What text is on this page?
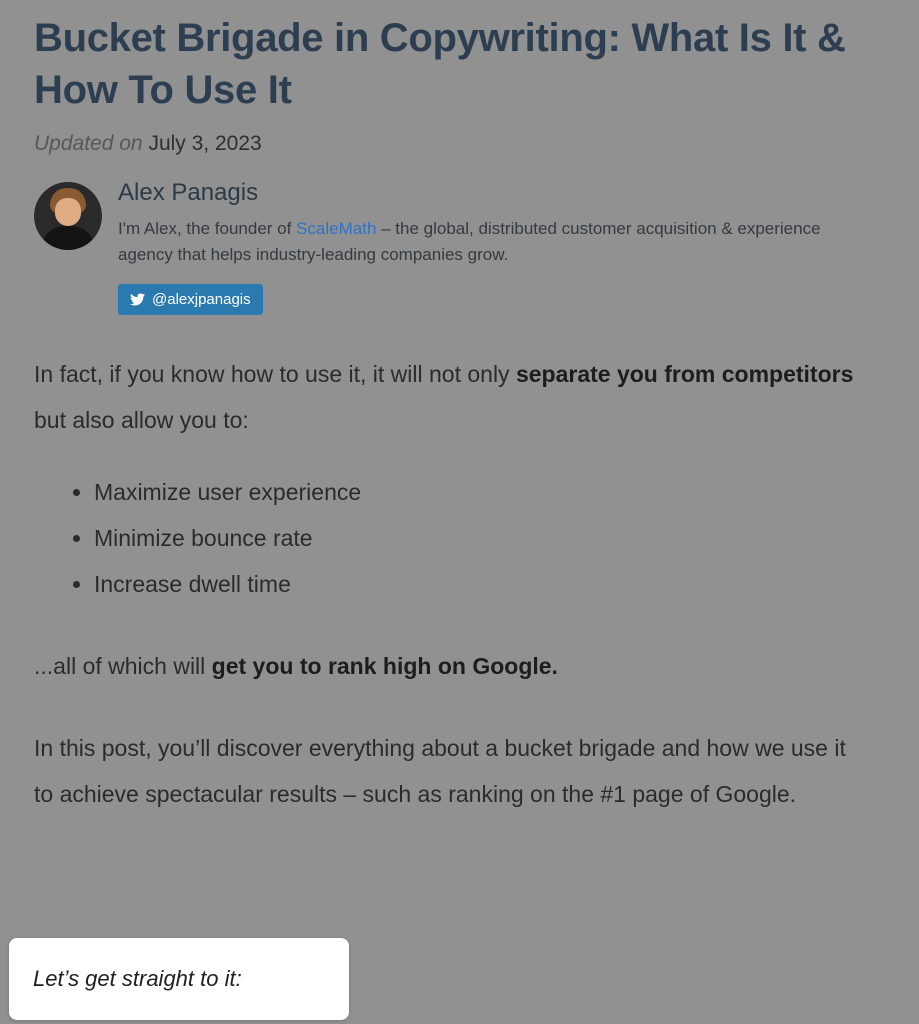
Bucket Brigade in Copywriting: What Is It & How To Use It
Updated on July 3, 2023

Alex Panagis

I'm Alex, the founder of ScaleMath – the global, distributed customer acquisition & experience agency that helps industry-leading companies grow.

@alexjpanagis

In fact, if you know how to use it, it will not only separate you from competitors but also allow you to:

• Maximize user experience
• Minimize bounce rate
• Increase dwell time

...all of which will get you to rank high on Google.

In this post, you’ll discover everything about a bucket brigade and how we use it to achieve spectacular results – such as ranking on the #1 page of Google.

Let’s get straight to it:
